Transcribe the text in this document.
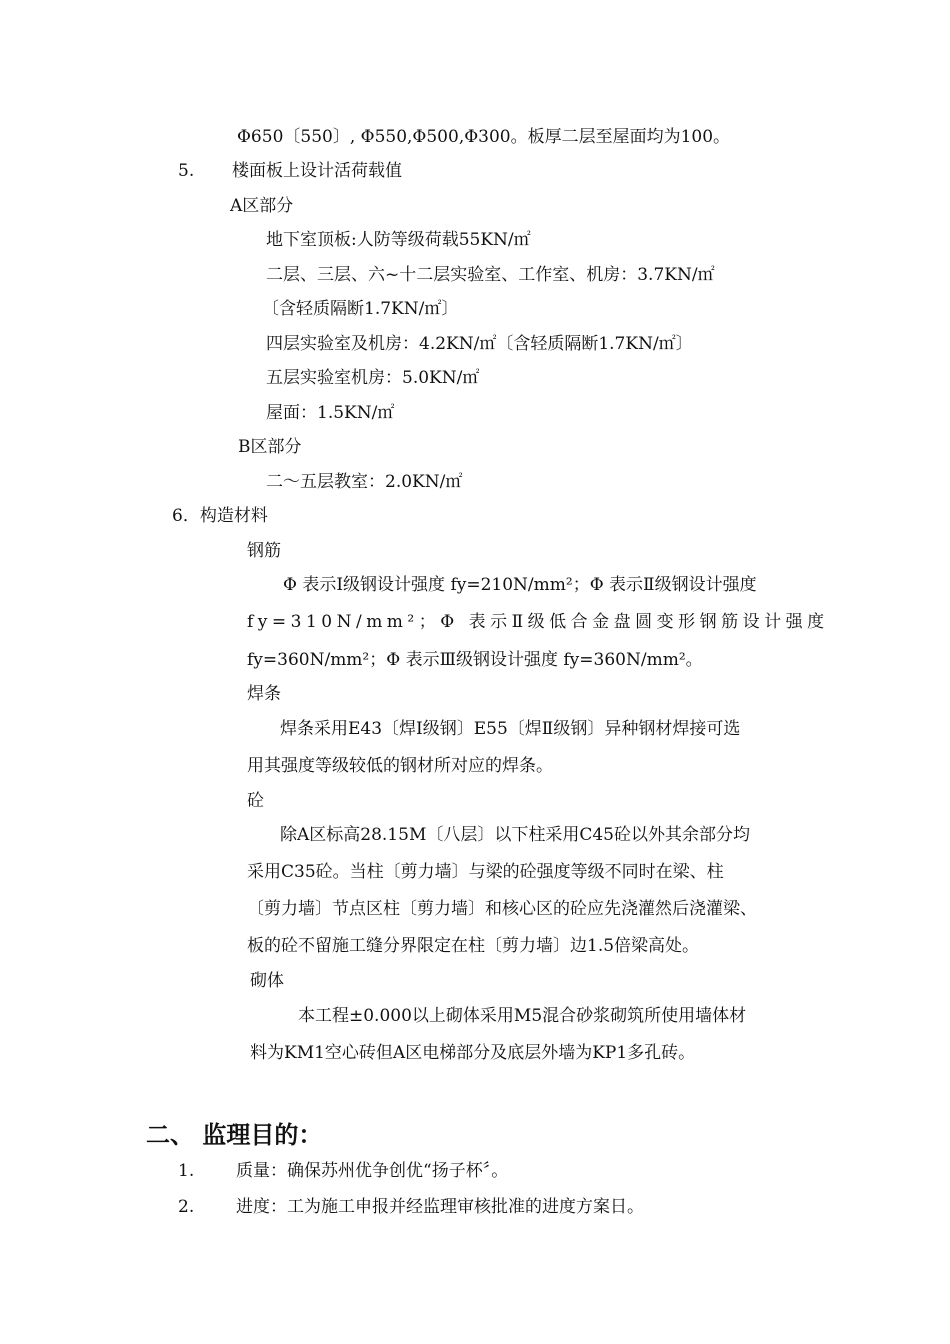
Φ650〔550〕, Φ550,Φ500,Φ300。板厚二层至屋面均为100。
5. 楼面板上设计活荷载值
A区部分
地下室顶板:人防等级荷载55KN/㎡
二层、三层、六~十二层实验室、工作室、机房：3.7KN/㎡
〔含轻质隔断1.7KN/㎡〕
四层实验室及机房：4.2KN/㎡〔含轻质隔断1.7KN/㎡〕
五层实验室机房：5.0KN/㎡
屋面：1.5KN/㎡
B区部分
二～五层教室：2.0KN/㎡
6．构造材料
钢筋
Φ 表示Ⅰ级钢设计强度 fy=210N/mm²；Φ 表示Ⅱ级钢设计强度
fy=310N/mm²；Φ 表示Ⅱ级低合金盘圆变形钢筋设计强度
fy=360N/mm²；Φ 表示Ⅲ级钢设计强度 fy=360N/mm²。
焊条
焊条采用E43〔焊Ⅰ级钢〕E55〔焊Ⅱ级钢〕异种钢材焊接可选
用其强度等级较低的钢材所对应的焊条。
砼
除A区标高28.15M〔八层〕以下柱采用C45砼以外其余部分均
采用C35砼。当柱〔剪力墙〕与梁的砼强度等级不同时在梁、柱
〔剪力墙〕节点区柱〔剪力墙〕和核心区的砼应先浇灌然后浇灌梁、
板的砼不留施工缝分界限定在柱〔剪力墙〕边1.5倍梁高处。
砌体
本工程±0.000以上砌体采用M5混合砂浆砌筑所使用墙体材
料为KM1空心砖但A区电梯部分及底层外墙为KP1多孔砖。
二、 监理目的：
1. 质量：确保苏州优争创优“扬子杯〞。
2. 进度：工为施工申报并经监理审核批准的进度方案日。
